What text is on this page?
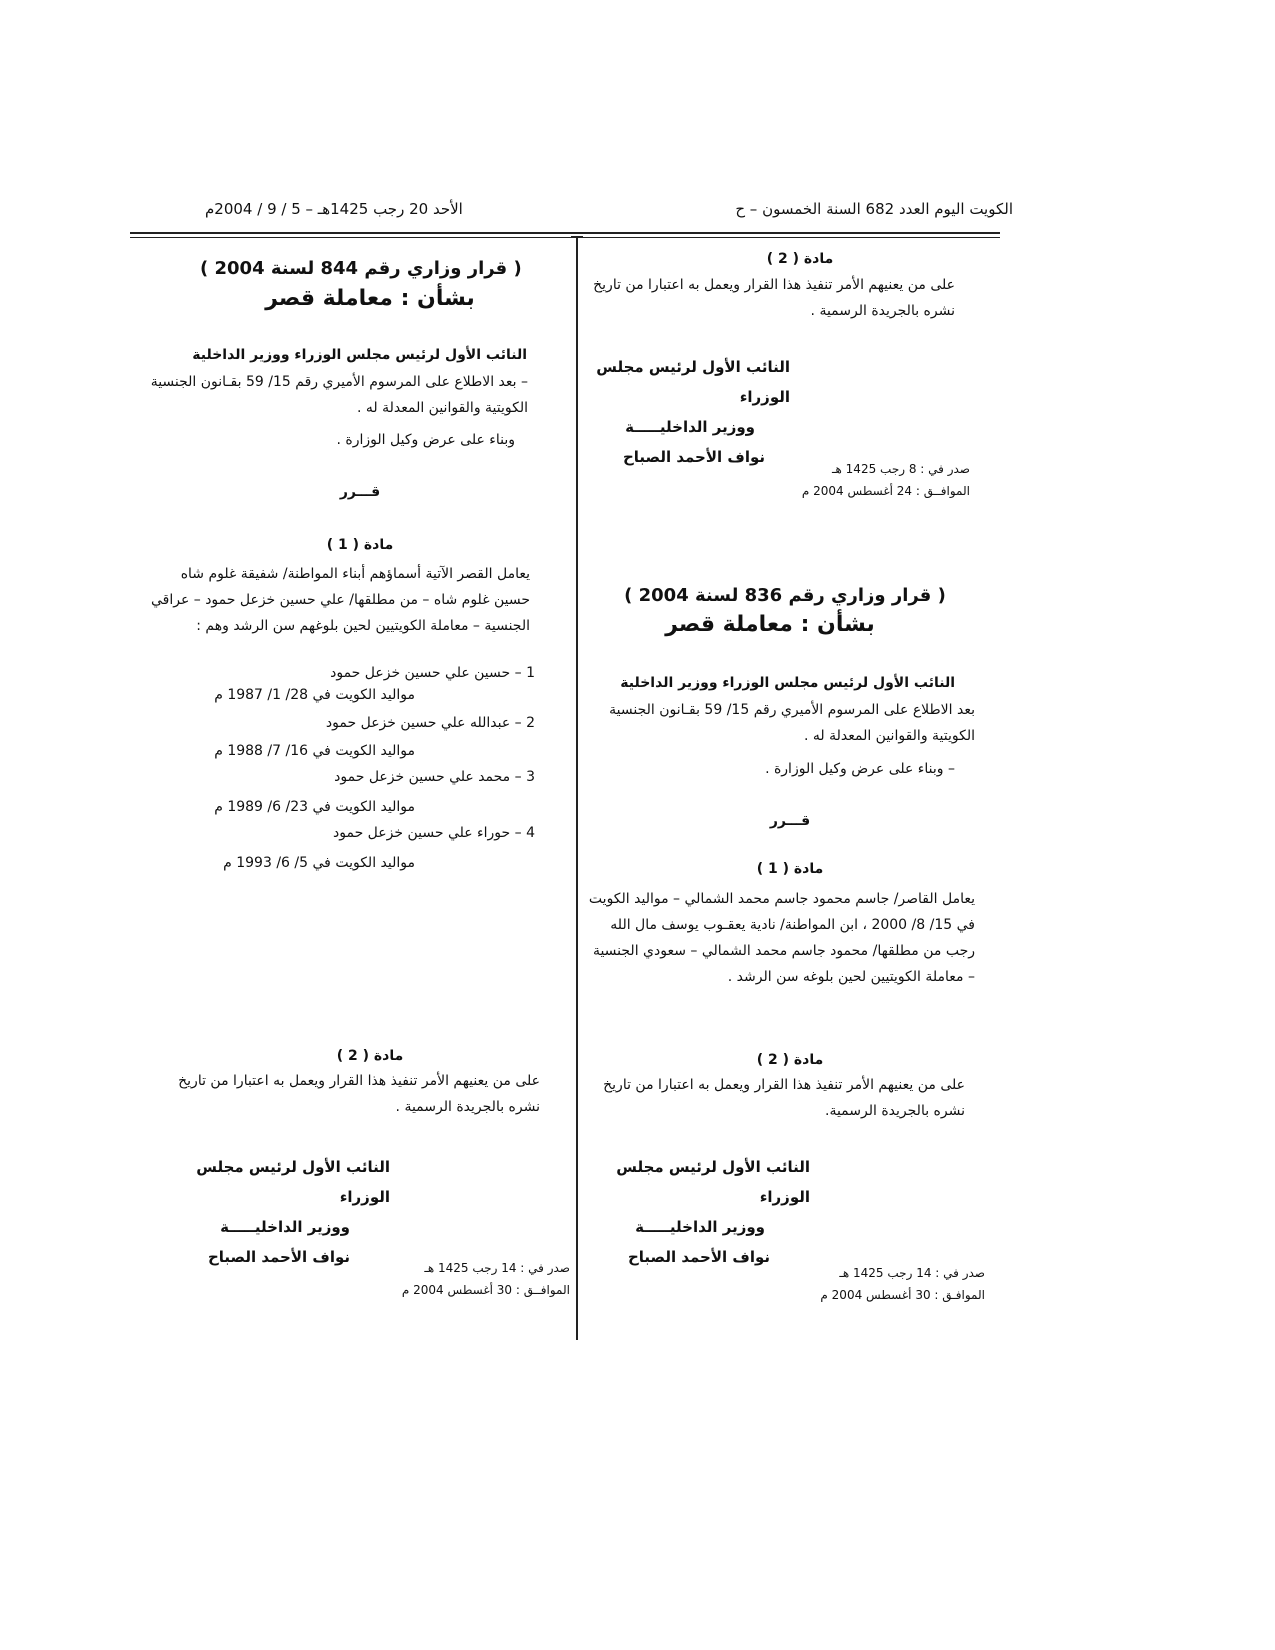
الكويت اليوم العدد 682 السنة الخمسون – ح
الأحد 20 رجب 1425هـ – 5 / 9 / 2004م
مادة ( 2 )
على من يعنيهم الأمر تنفيذ هذا القرار ويعمل به اعتبارا من تاريخ نشره بالجريدة الرسمية .
النائب الأول لرئيس مجلس الوزراء
ووزير الداخليـــــة
نواف الأحمد الصباح
صدر في : 8 رجب 1425 هـ
الموافــق : 24 أغسطس 2004 م
( قرار وزاري رقم 836 لسنة 2004 )
بشأن : معاملة قصر
النائب الأول لرئيس مجلس الوزراء ووزير الداخلية
بعد الاطلاع على المرسوم الأميري رقم 15/ 59 بقـانون الجنسية الكويتية والقوانين المعدلة له .
– وبناء على عرض وكيل الوزارة .
قـــرر
مادة ( 1 )
يعامل القاصر/ جاسم محمود جاسم محمد الشمالي – مواليد الكويت في 15/ 8/ 2000 ، ابن المواطنة/ نادية يعقـوب يوسف مال الله رجب من مطلقها/ محمود جاسم محمد الشمالي – سعودي الجنسية – معاملة الكويتيين لحين بلوغه سن الرشد .
مادة ( 2 )
على من يعنيهم الأمر تنفيذ هذا القرار ويعمل به اعتبارا من تاريخ نشره بالجريدة الرسمية.
النائب الأول لرئيس مجلس الوزراء
ووزير الداخليـــــة
نواف الأحمد الصباح
صدر في : 14 رجب 1425 هـ
الموافـق : 30 أغسطس 2004 م
( قرار وزاري رقم 844 لسنة 2004 )
بشأن : معاملة قصر
النائب الأول لرئيس مجلس الوزراء ووزير الداخلية
– بعد الاطلاع على المرسوم الأميري رقم 15/ 59 بقـانون الجنسية الكويتية والقوانين المعدلة له .
وبناء على عرض وكيل الوزارة .
قـــرر
مادة ( 1 )
يعامل القصر الآتية أسماؤهم أبناء المواطنة/ شفيقة غلوم شاه حسين غلوم شاه – من مطلقها/ علي حسين خزعل حمود – عراقي الجنسية – معاملة الكويتيين لحين بلوغهم سن الرشد وهم :
1 – حسين علي حسين خزعل حمود
مواليد الكويت في 28/ 1/ 1987 م
2 – عبدالله علي حسين خزعل حمود
مواليد الكويت في 16/ 7/ 1988 م
3 – محمد علي حسين خزعل حمود
مواليد الكويت في 23/ 6/ 1989 م
4 – حوراء علي حسين خزعل حمود
مواليد الكويت في 5/ 6/ 1993 م
مادة ( 2 )
على من يعنيهم الأمر تنفيذ هذا القرار ويعمل به اعتبارا من تاريخ نشره بالجريدة الرسمية .
النائب الأول لرئيس مجلس الوزراء
ووزير الداخليـــــة
نواف الأحمد الصباح
صدر في : 14 رجب 1425 هـ
الموافــق : 30 أغسطس 2004 م
